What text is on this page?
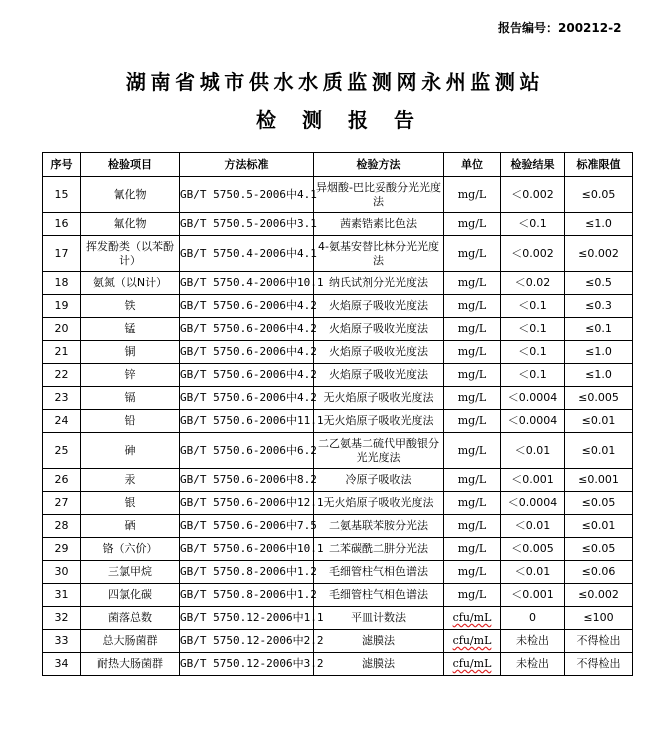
报告编号：200212-2
湖南省城市供水水质监测网永州监测站
检测报告
序号	检验项目	方法标准	检验方法	单位	检验结果	标准限值
15	氰化物	GB/T 5750.5-2006中4.1	异烟酸-巴比妥酸分光光度法	mg/L	＜0.002	≤0.05
16	氟化物	GB/T 5750.5-2006中3.1	茜素锆素比色法	mg/L	＜0.1	≤1.0
17	挥发酚类（以苯酚计）	GB/T 5750.4-2006中4.1	4-氨基安替比林分光光度法	mg/L	＜0.002	≤0.002
18	氨氮（以N计）	GB/T 5750.4-2006中10.1	纳氏试剂分光光度法	mg/L	＜0.02	≤0.5
19	铁	GB/T 5750.6-2006中4.2	火焰原子吸收光度法	mg/L	＜0.1	≤0.3
20	锰	GB/T 5750.6-2006中4.2	火焰原子吸收光度法	mg/L	＜0.1	≤0.1
21	铜	GB/T 5750.6-2006中4.2	火焰原子吸收光度法	mg/L	＜0.1	≤1.0
22	锌	GB/T 5750.6-2006中4.2	火焰原子吸收光度法	mg/L	＜0.1	≤1.0
23	镉	GB/T 5750.6-2006中4.2	无火焰原子吸收光度法	mg/L	＜0.0004	≤0.005
24	铅	GB/T 5750.6-2006中11.1	无火焰原子吸收光度法	mg/L	＜0.0004	≤0.01
25	砷	GB/T 5750.6-2006中6.2	二乙氨基二硫代甲酸银分光光度法	mg/L	＜0.01	≤0.01
26	汞	GB/T 5750.6-2006中8.2	冷原子吸收法	mg/L	＜0.001	≤0.001
27	银	GB/T 5750.6-2006中12.1	无火焰原子吸收光度法	mg/L	＜0.0004	≤0.05
28	硒	GB/T 5750.6-2006中7.5	二氨基联苯胺分光法	mg/L	＜0.01	≤0.01
29	铬（六价）	GB/T 5750.6-2006中10.1	二苯碳酰二肼分光法	mg/L	＜0.005	≤0.05
30	三氯甲烷	GB/T 5750.8-2006中1.2	毛细管柱气相色谱法	mg/L	＜0.01	≤0.06
31	四氯化碳	GB/T 5750.8-2006中1.2	毛细管柱气相色谱法	mg/L	＜0.001	≤0.002
32	菌落总数	GB/T 5750.12-2006中1.1	平皿计数法	cfu/mL	0	≤100
33	总大肠菌群	GB/T 5750.12-2006中2.2	滤膜法	cfu/mL	未检出	不得检出
34	耐热大肠菌群	GB/T 5750.12-2006中3.2	滤膜法	cfu/mL	未检出	不得检出
